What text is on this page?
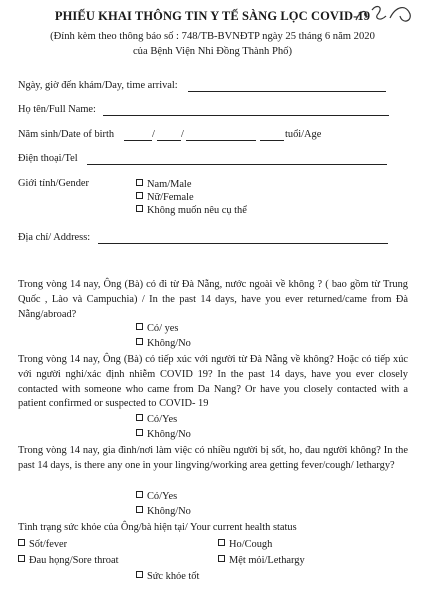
PHIẾU KHAI THÔNG TIN Y TẾ SÀNG LỌC COVID-19
(Đính kèm theo thông báo số : 748/TB-BVNĐTP ngày 25 tháng 6 năm 2020
của Bệnh Viện Nhi Đồng Thành Phố)
Ngày, giờ đến khám/Day, time arrival:
Họ tên/Full Name:
Năm sinh/Date of birth	/	/	tuổi/Age
Điện thoại/Tel
Giới tính/Gender	Nam/Male
Nữ/Female
Không muốn nêu cụ thể
Địa chỉ/ Address:
Trong vòng 14 nay, Ông (Bà) có đi từ Đà Nẵng, nước ngoài về không ? ( bao gồm từ Trung Quốc , Lào và Campuchia) / In the past 14 days, have you ever returned/came from Đà Nẵng/abroad?
Có/ yes
Không/No
Trong vòng 14 nay, Ông (Bà) có tiếp xúc với người từ Đà Nẵng về không? Hoặc có tiếp xúc với người nghi/xác định nhiễm COVID 19? In the past 14 days, have you ever closely contacted with someone who came from Da Nang? Or have you closely contacted with a patient confirmed or suspected to COVID- 19
Có/Yes
Không/No
Trong vòng 14 nay, gia đình/nơi làm việc có nhiều người bị sốt, ho, đau người không? In the past 14 days, is there any one in your lingving/working area getting fever/cough/ lethargy?
Có/Yes
Không/No
Tình trạng sức khỏe của Ông/bà hiện tại/ Your current health status
Sốt/fever	Ho/Cough
Đau họng/Sore throat	Mệt mỏi/Lethargy
Sức khỏe tốt
